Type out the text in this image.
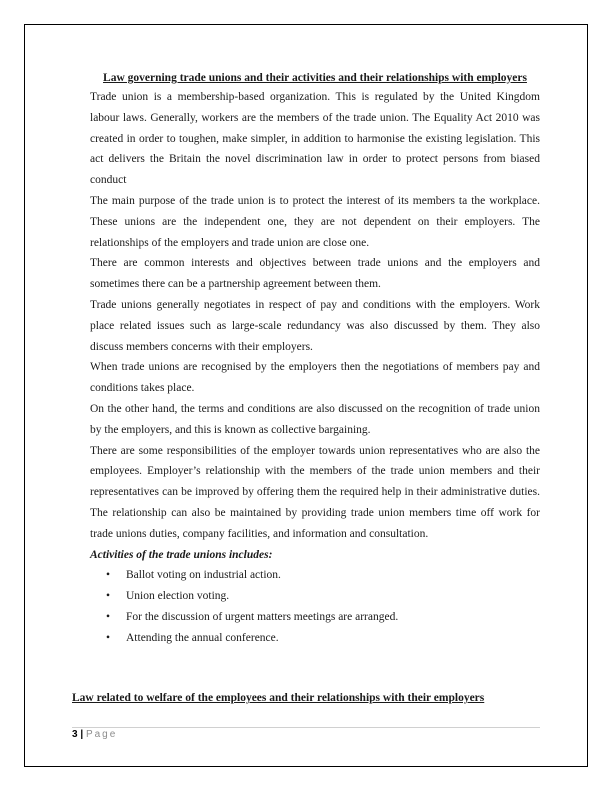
Law governing trade unions and their activities and their relationships with employers

Trade union is a membership-based organization. This is regulated by the United Kingdom labour laws. Generally, workers are the members of the trade union. The Equality Act 2010 was created in order to toughen, make simpler, in addition to harmonise the existing legislation. This act delivers the Britain the novel discrimination law in order to protect persons from biased conduct

The main purpose of the trade union is to protect the interest of its members ta the workplace. These unions are the independent one, they are not dependent on their employers. The relationships of the employers and trade union are close one.

There are common interests and objectives between trade unions and the employers and sometimes there can be a partnership agreement between them.

Trade unions generally negotiates in respect of pay and conditions with the employers. Work place related issues such as large-scale redundancy was also discussed by them. They also discuss members concerns with their employers.

When trade unions are recognised by the employers then the negotiations of members pay and conditions takes place.

On the other hand, the terms and conditions are also discussed on the recognition of trade union by the employers, and this is known as collective bargaining.

There are some responsibilities of the employer towards union representatives who are also the employees. Employer’s relationship with the members of the trade union members and their representatives can be improved by offering them the required help in their administrative duties. The relationship can also be maintained by providing trade union members time off work for trade unions duties, company facilities, and information and consultation.

Activities of the trade unions includes:

• Ballot voting on industrial action.
• Union election voting.
• For the discussion of urgent matters meetings are arranged.
• Attending the annual conference.
Law related to welfare of the employees and their relationships with their employers
3 | Page
